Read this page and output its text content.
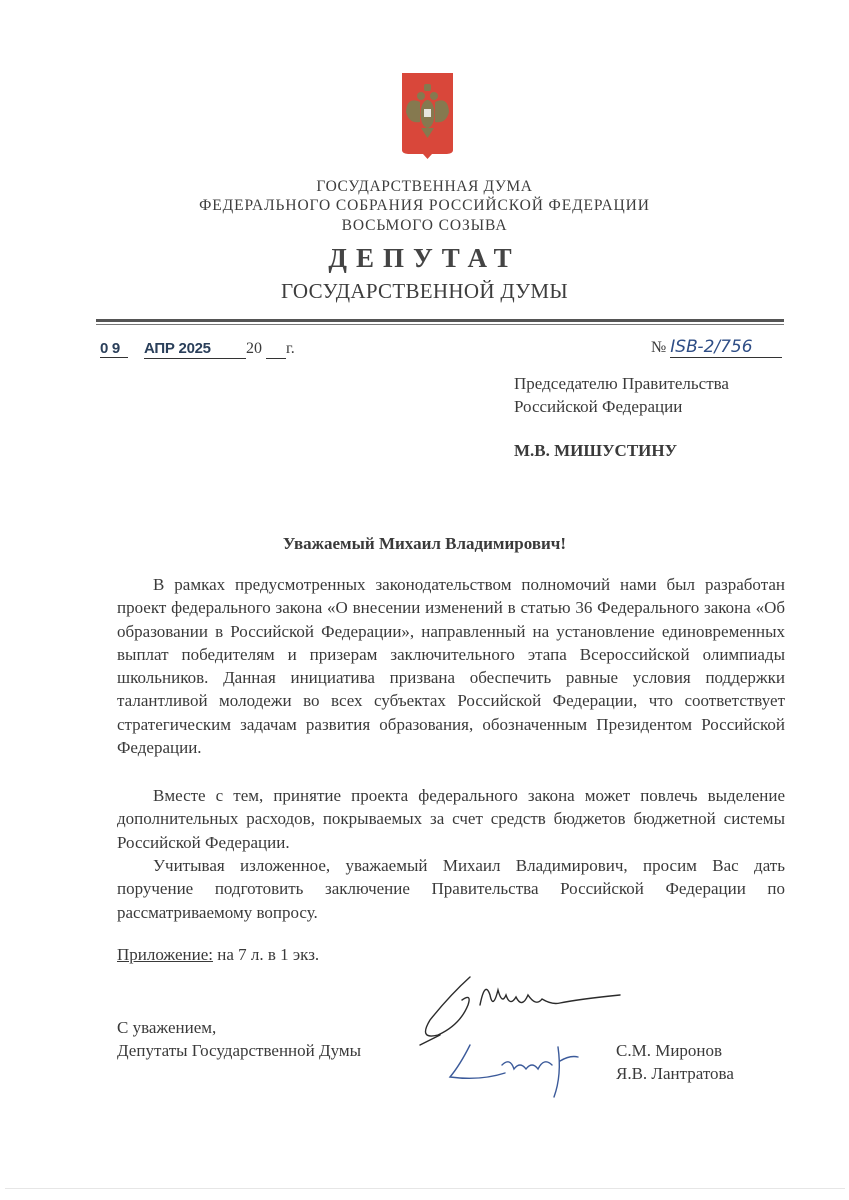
ГОСУДАРСТВЕННАЯ ДУМА
ФЕДЕРАЛЬНОГО СОБРАНИЯ РОССИЙСКОЙ ФЕДЕРАЦИИ
ВОСЬМОГО СОЗЫВА
ДЕПУТАТ
ГОСУДАРСТВЕННОЙ ДУМЫ
0 9 АПР 2025 20 г.	№ ISB-2/756
Председателю Правительства
Российской Федерации
М.В. МИШУСТИНУ
Уважаемый Михаил Владимирович!

В рамках предусмотренных законодательством полномочий нами был разработан проект федерального закона «О внесении изменений в статью 36 Федерального закона «Об образовании в Российской Федерации», направленный на установление единовременных выплат победителям и призерам заключительного этапа Всероссийской олимпиады школьников. Данная инициатива призвана обеспечить равные условия поддержки талантливой молодежи во всех субъектах Российской Федерации, что соответствует стратегическим задачам развития образования, обозначенным Президентом Российской Федерации.

Вместе с тем, принятие проекта федерального закона может повлечь выделение дополнительных расходов, покрываемых за счет средств бюджетов бюджетной системы Российской Федерации.

Учитывая изложенное, уважаемый Михаил Владимирович, просим Вас дать поручение подготовить заключение Правительства Российской Федерации по рассматриваемому вопросу.

Приложение: на 7 л. в 1 экз.
С уважением,
Депутаты Государственной Думы	С.М. Миронов
Я.В. Лантратова
